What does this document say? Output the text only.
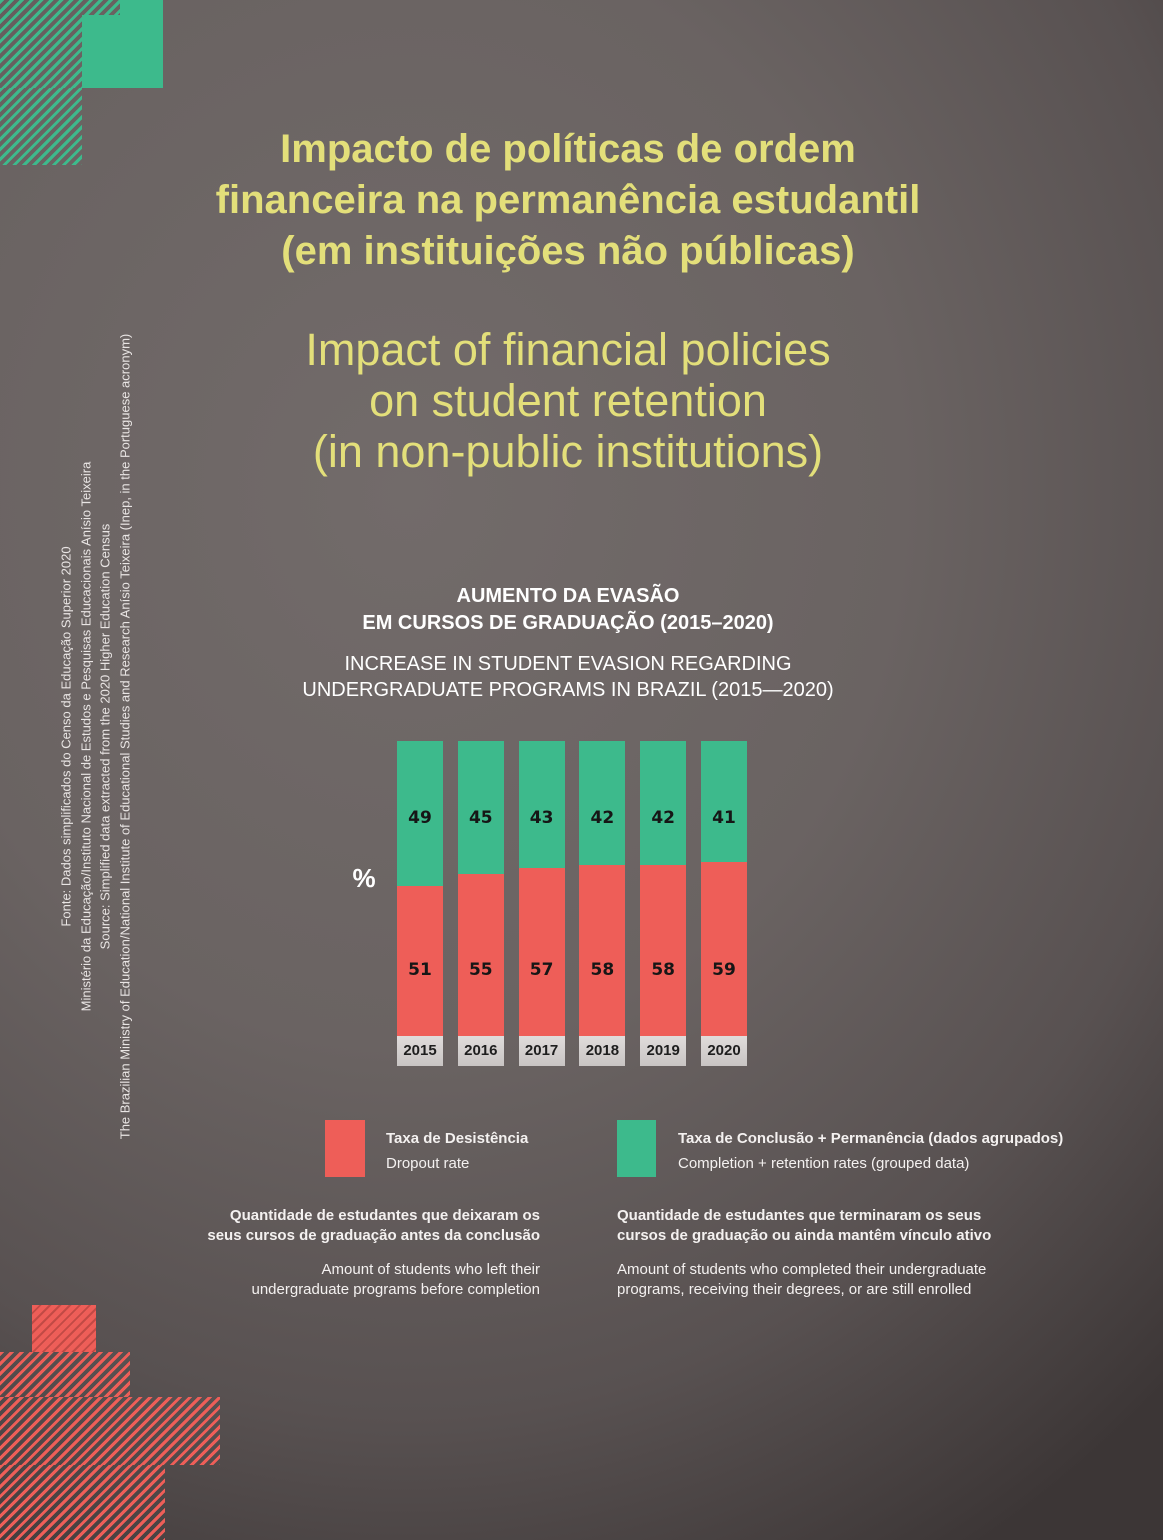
Fonte: Dados simplificados do Censo da Educação Superior 2020 Ministério da Educação/Instituto Nacional de Estudos e Pesquisas Educacionais Anísio Teixeira Source: Simplified data extracted from the 2020 Higher Education Census The Brazilian Ministry of Education/National Institute of Educational Studies and Research Anísio Teixeira (Inep, in the Portuguese acronym)
Impacto de políticas de ordem
financeira na permanência estudantil
(em instituições não públicas)
Impact of financial policies
on student retention
(in non-public institutions)
AUMENTO DA EVASÃO
EM CURSOS DE GRADUAÇÃO (2015–2020)
INCREASE IN STUDENT EVASION REGARDING
UNDERGRADUATE PROGRAMS IN BRAZIL (2015—2020)
%
51
49
2015
55
45
2016
57
43
2017
58
42
2018
58
42
2019
59
41
2020
Taxa de Desistência
Dropout rate
Taxa de Conclusão + Permanência (dados agrupados)
Completion + retention rates (grouped data)
Quantidade de estudantes que deixaram os
seus cursos de graduação antes da conclusão
Amount of students who left their
undergraduate programs before completion
Quantidade de estudantes que terminaram os seus
cursos de graduação ou ainda mantêm vínculo ativo
Amount of students who completed their undergraduate
programs, receiving their degrees, or are still enrolled
